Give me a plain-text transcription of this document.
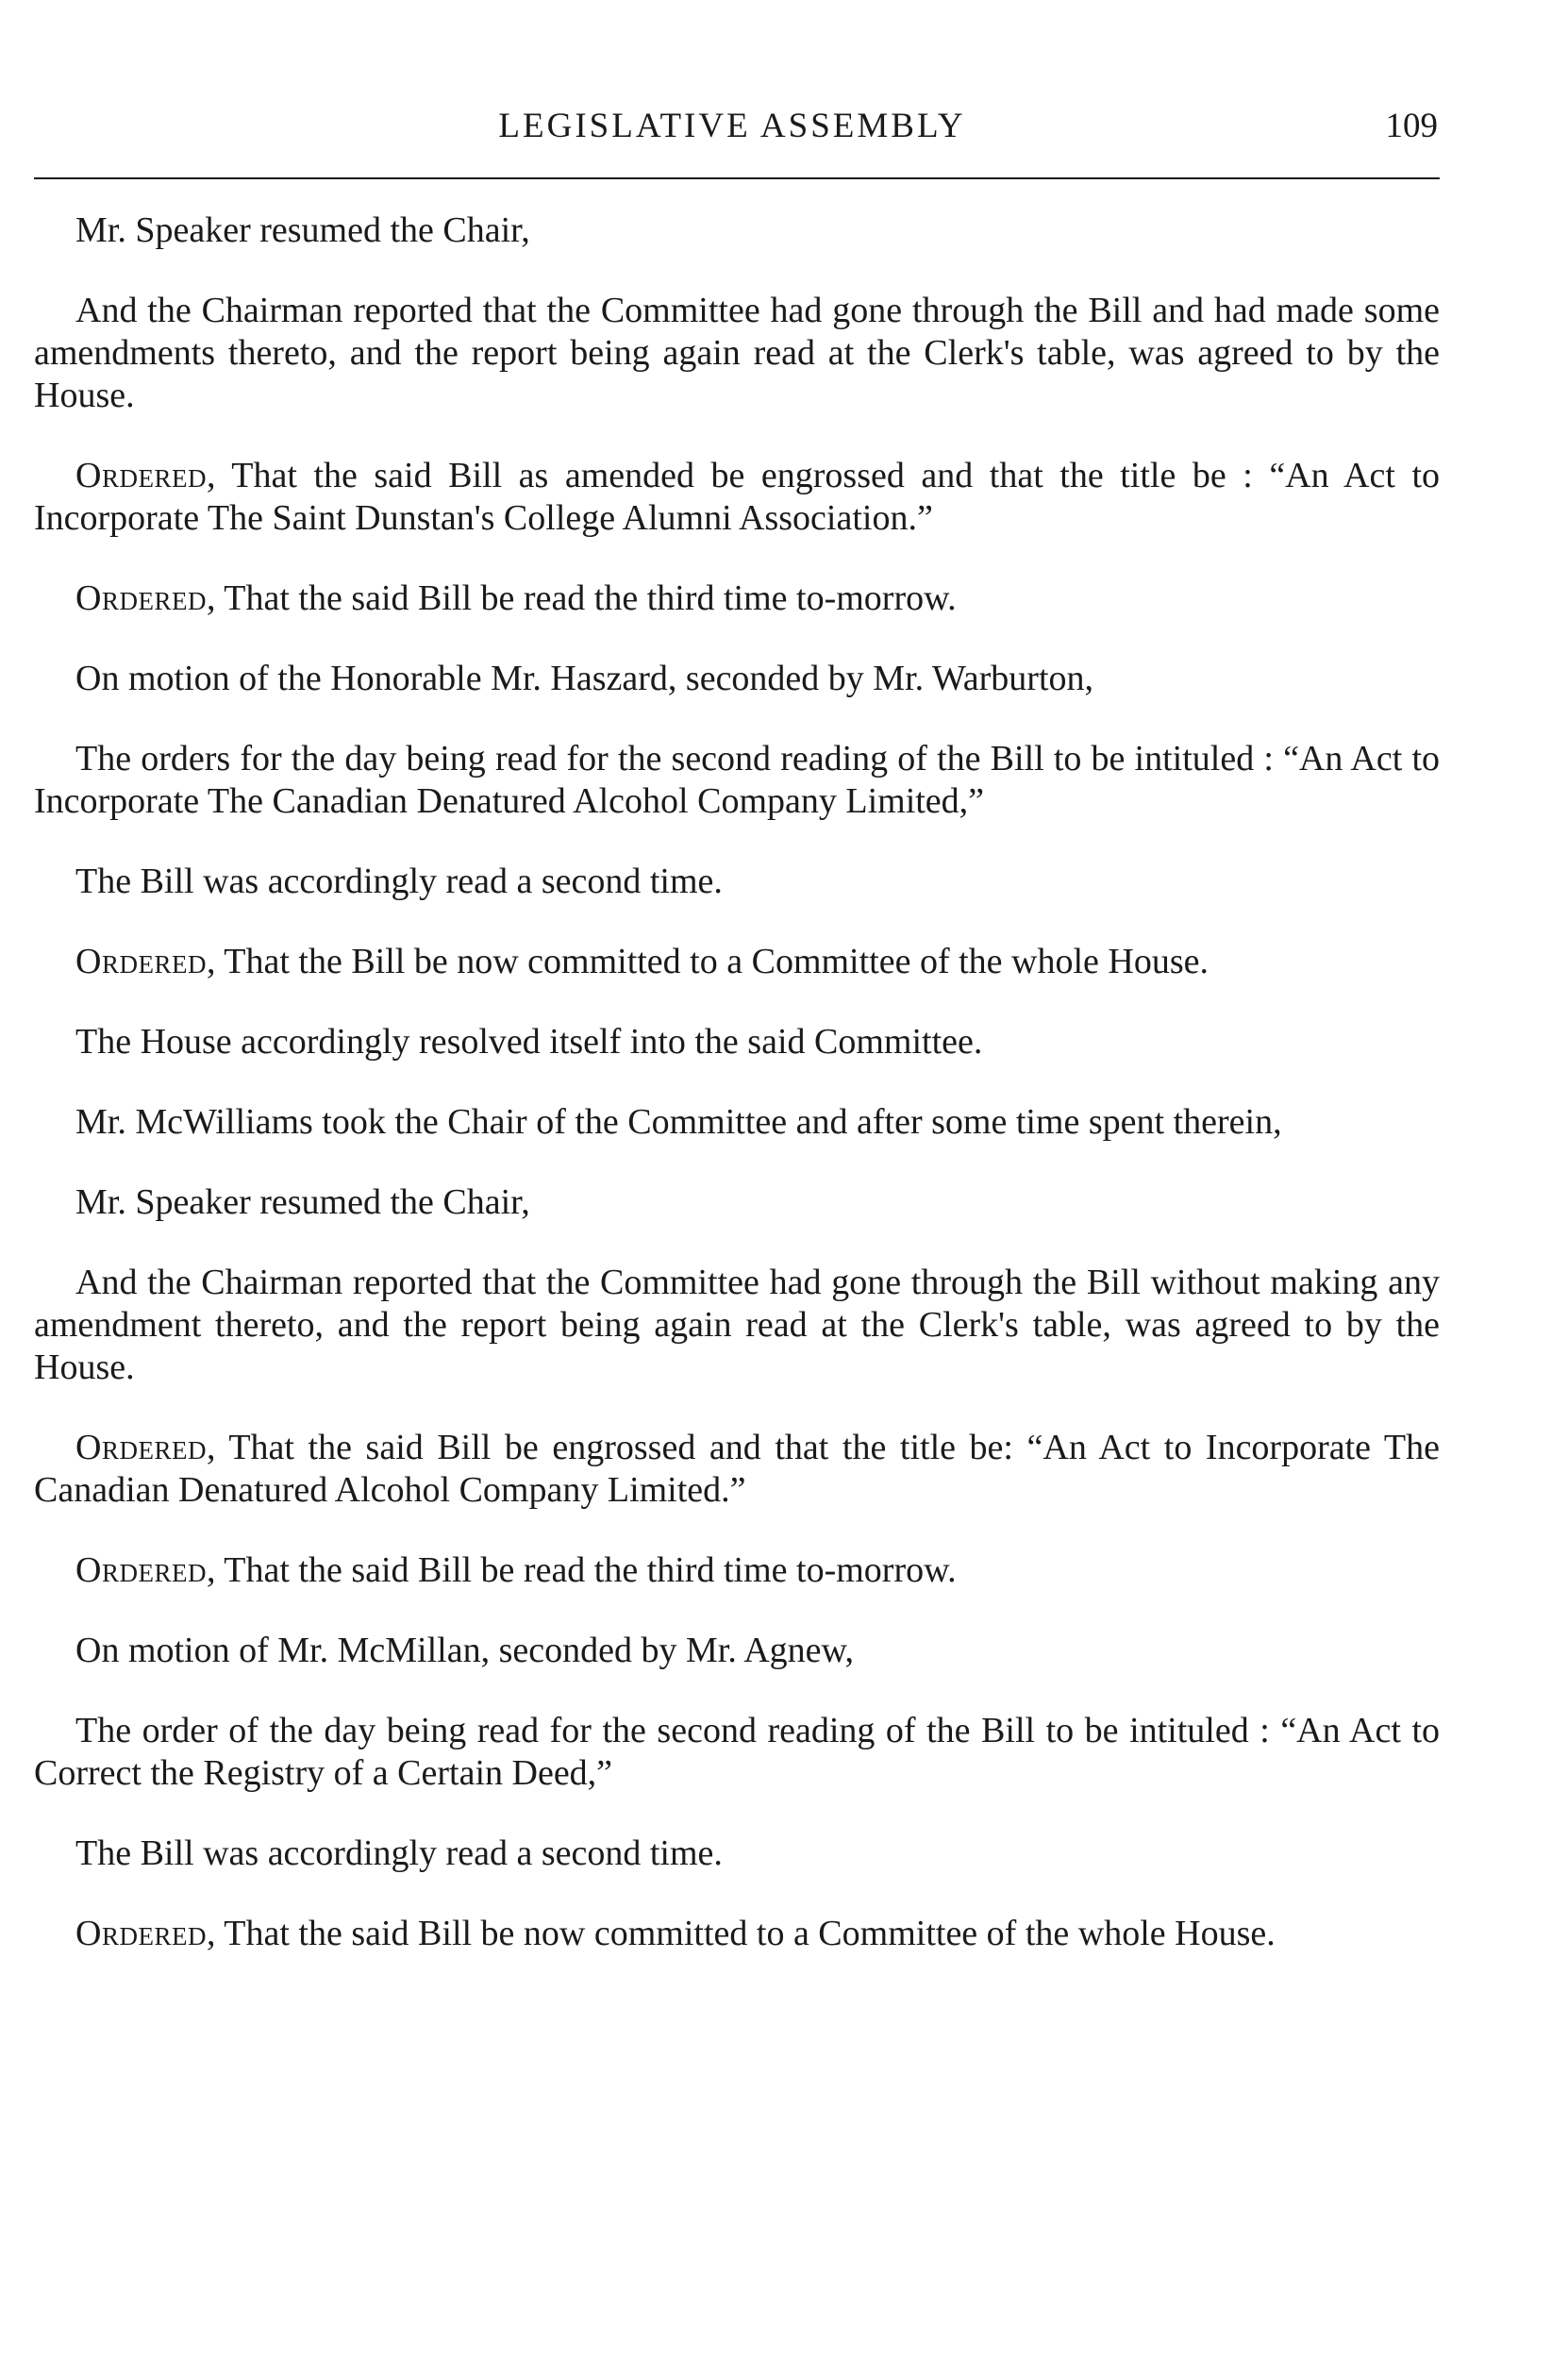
LEGISLATIVE ASSEMBLY	109

Mr. Speaker resumed the Chair,

And the Chairman reported that the Committee had gone through the Bill and had made some amendments thereto, and the report being again read at the Clerk's table, was agreed to by the House.

Ordered, That the said Bill as amended be engrossed and that the title be : “An Act to Incorporate The Saint Dunstan's College Alumni Association.”

Ordered, That the said Bill be read the third time to-morrow.

On motion of the Honorable Mr. Haszard, seconded by Mr. Warburton,

The orders for the day being read for the second reading of the Bill to be intituled : “An Act to Incorporate The Canadian Denatured Alcohol Company Limited,”

The Bill was accordingly read a second time.

Ordered, That the Bill be now committed to a Committee of the whole House.

The House accordingly resolved itself into the said Committee.

Mr. McWilliams took the Chair of the Committee and after some time spent therein,

Mr. Speaker resumed the Chair,

And the Chairman reported that the Committee had gone through the Bill without making any amendment thereto, and the report being again read at the Clerk's table, was agreed to by the House.

Ordered, That the said Bill be engrossed and that the title be: “An Act to Incorporate The Canadian Denatured Alcohol Company Limited.”

Ordered, That the said Bill be read the third time to-morrow.

On motion of Mr. McMillan, seconded by Mr. Agnew,

The order of the day being read for the second reading of the Bill to be intituled : “An Act to Correct the Registry of a Certain Deed,”

The Bill was accordingly read a second time.

Ordered, That the said Bill be now committed to a Committee of the whole House.
